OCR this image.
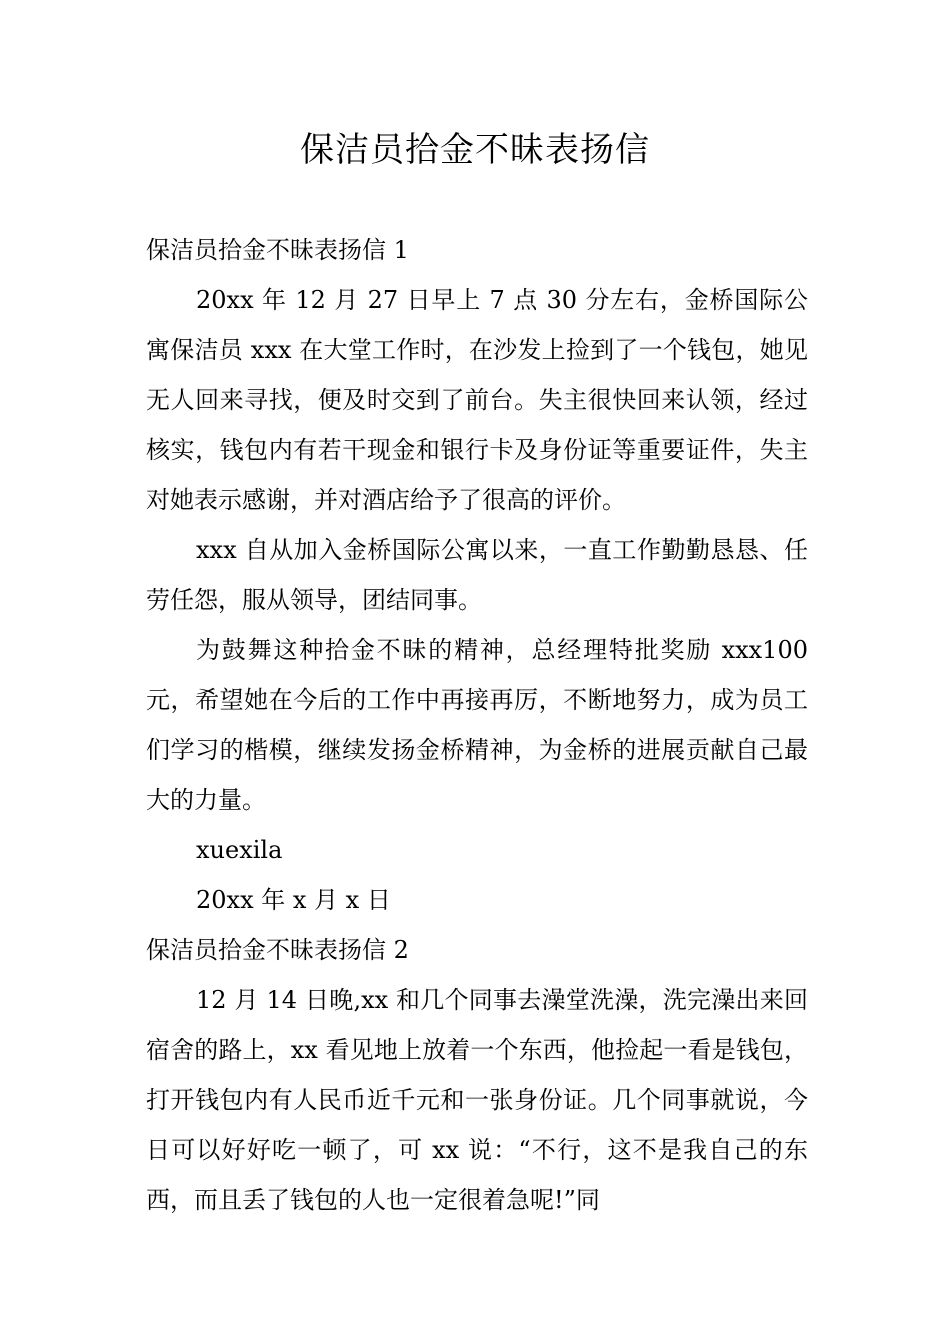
保洁员拾金不昧表扬信

保洁员拾金不昧表扬信 1

20xx 年 12 月 27 日早上 7 点 30 分左右，金桥国际公寓保洁员 xxx 在大堂工作时，在沙发上捡到了一个钱包，她见无人回来寻找，便及时交到了前台。失主很快回来认领，经过核实，钱包内有若干现金和银行卡及身份证等重要证件，失主对她表示感谢，并对酒店给予了很高的评价。

xxx 自从加入金桥国际公寓以来，一直工作勤勤恳恳、任劳任怨，服从领导，团结同事。

为鼓舞这种拾金不昧的精神，总经理特批奖励 xxx100 元，希望她在今后的工作中再接再厉，不断地努力，成为员工们学习的楷模，继续发扬金桥精神，为金桥的进展贡献自己最大的力量。

xuexila

20xx 年 x 月 x 日

保洁员拾金不昧表扬信 2

12 月 14 日晚,xx 和几个同事去澡堂洗澡，洗完澡出来回宿舍的路上，xx 看见地上放着一个东西，他捡起一看是钱包，打开钱包内有人民币近千元和一张身份证。几个同事就说，今日可以好好吃一顿了，可 xx 说：“不行，这不是我自己的东西，而且丢了钱包的人也一定很着急呢!”同
